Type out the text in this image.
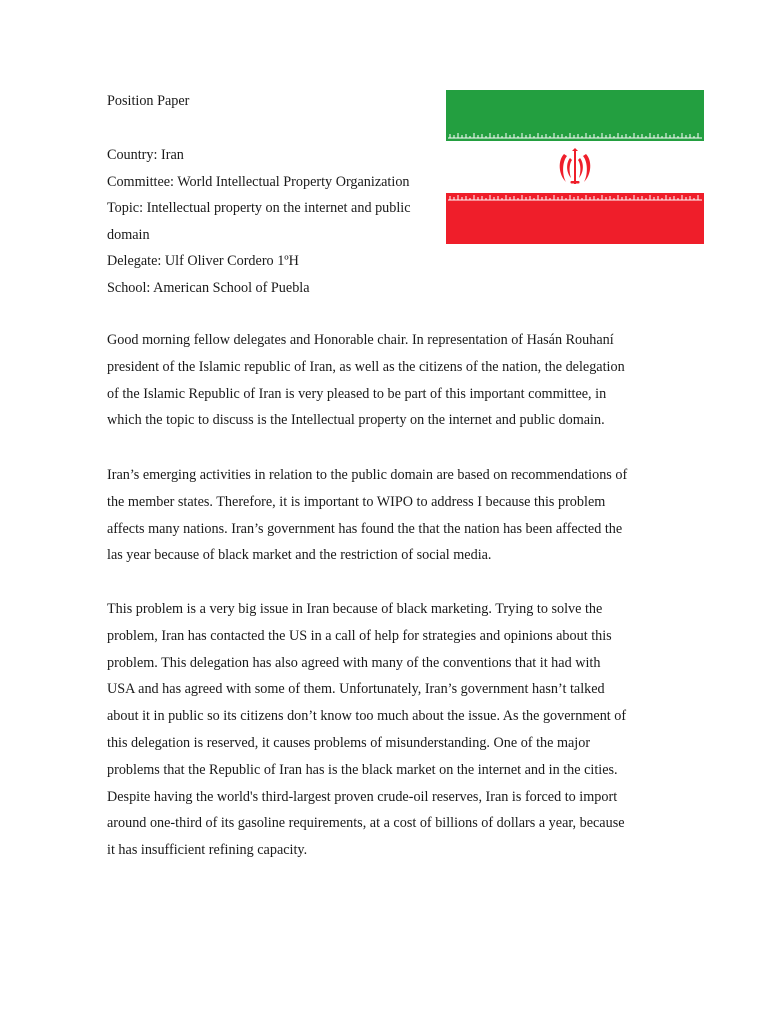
Position Paper
Country: Iran
Committee: World Intellectual Property Organization
Topic: Intellectual property on the internet and public
domain
Delegate: Ulf Oliver Cordero 1ºH
School: American School of Puebla
Good morning fellow delegates and Honorable chair. In representation of Hasán Rouhaní
president of the Islamic republic of Iran, as well as the citizens of the nation, the delegation
of the Islamic Republic of Iran is very pleased to be part of this important committee, in
which the topic to discuss is the Intellectual property on the internet and public domain.
Iran’s emerging activities in relation to the public domain are based on recommendations of
the member states. Therefore, it is important to WIPO to address I because this problem
affects many nations. Iran’s government has found the that the nation has been affected the
las year because of black market and the restriction of social media.
This problem is a very big issue in Iran because of black marketing. Trying to solve the
problem, Iran has contacted the US in a call of help for strategies and opinions about this
problem. This delegation has also agreed with many of the conventions that it had with
USA and has agreed with some of them. Unfortunately, Iran’s government hasn’t talked
about it in public so its citizens don’t know too much about the issue. As the government of
this delegation is reserved, it causes problems of misunderstanding. One of the major
problems that the Republic of Iran has is the black market on the internet and in the cities.
Despite having the world's third-largest proven crude-oil reserves, Iran is forced to import
around one-third of its gasoline requirements, at a cost of billions of dollars a year, because
it has insufficient refining capacity.
